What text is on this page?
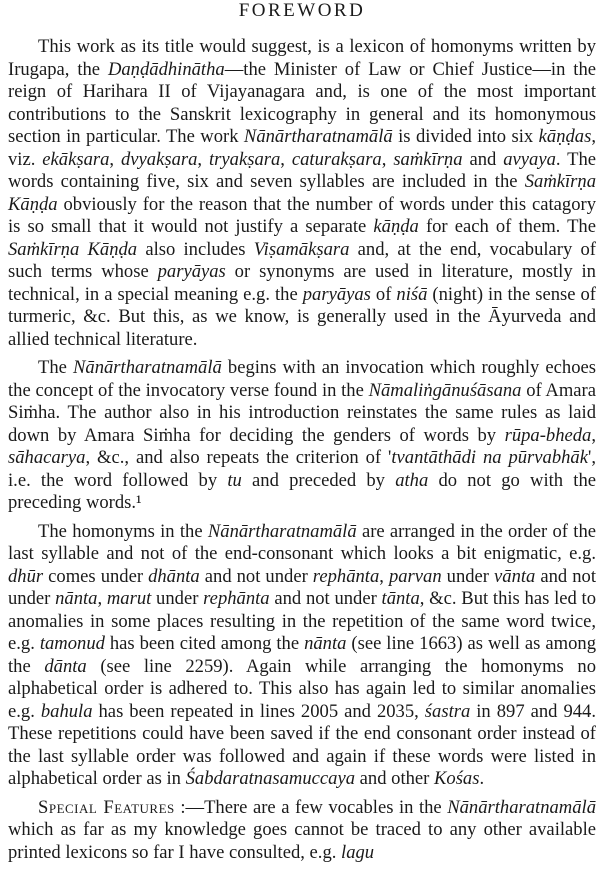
FOREWORD

This work as its title would suggest, is a lexicon of homonyms written by Irugapa, the Daṇḍādhinātha—the Minister of Law or Chief Justice—in the reign of Harihara II of Vijayanagara and, is one of the most important contributions to the Sanskrit lexicography in general and its homonymous section in particular. The work Nānārtharatnamālā is divided into six kāṇḍas, viz. ekākṣara, dvyakṣara, tryakṣara, caturakṣara, saṁkīrṇa and avyaya. The words containing five, six and seven syllables are included in the Saṁkīrṇa Kāṇḍa obviously for the reason that the number of words under this catagory is so small that it would not justify a separate kāṇḍa for each of them. The Saṁkīrṇa Kāṇḍa also includes Viṣamākṣara and, at the end, vocabulary of such terms whose paryāyas or synonyms are used in literature, mostly in technical, in a special meaning e.g. the paryāyas of niśā (night) in the sense of turmeric, &c. But this, as we know, is generally used in the Āyurveda and allied technical literature.

The Nānārtharatnamālā begins with an invocation which roughly echoes the concept of the invocatory verse found in the Nāmaliṅgānuśāsana of Amara Siṁha. The author also in his introduction reinstates the same rules as laid down by Amara Siṁha for deciding the genders of words by rūpa-bheda, sāhacarya, &c., and also repeats the criterion of 'tvantāthādi na pūrvabhāk', i.e. the word followed by tu and preceded by atha do not go with the preceding words.¹

The homonyms in the Nānārtharatnamālā are arranged in the order of the last syllable and not of the end-consonant which looks a bit enigmatic, e.g. dhūr comes under dhānta and not under rephānta, parvan under vānta and not under nānta, marut under rephānta and not under tānta, &c. But this has led to anomalies in some places resulting in the repetition of the same word twice, e.g. tamonud has been cited among the nānta (see line 1663) as well as among the dānta (see line 2259). Again while arranging the homonyms no alphabetical order is adhered to. This also has again led to similar anomalies e.g. bahula has been repeated in lines 2005 and 2035, śastra in 897 and 944. These repetitions could have been saved if the end consonant order instead of the last syllable order was followed and again if these words were listed in alphabetical order as in Śabdaratnasamuccaya and other Kośas.

Special Features :—There are a few vocables in the Nānārtharatnamālā which as far as my knowledge goes cannot be traced to any other available printed lexicons so far I have consulted, e.g. lagu
